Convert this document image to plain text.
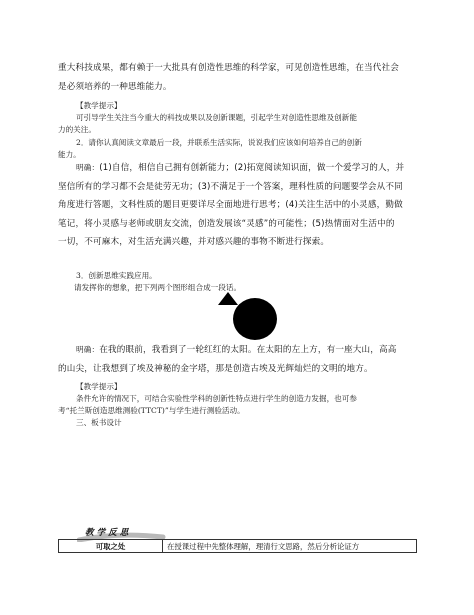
重大科技成果，都有赖于一大批具有创造性思维的科学家，可见创造性思维，在当代社会
是必须培养的一种思维能力。
【教学提示】
可引导学生关注当今重大的科技成果以及创新课题，引起学生对创造性思维及创新能
力的关注。
2．请你认真阅读文章最后一段，并联系生活实际，说说我们应该如何培养自己的创新
能力。
明确：(1)自信，相信自己拥有创新能力；(2)拓宽阅读知识面，做一个爱学习的人，并
坚信所有的学习都不会是徒劳无功；(3)不满足于一个答案，理科性质的问题要学会从不同
角度进行答题，文科性质的题目更要详尽全面地进行思考；(4)关注生活中的小灵感，勤做
笔记，将小灵感与老师或朋友交流，创造发展该“灵感”的可能性；(5)热情面对生活中的
一切，不可麻木，对生活充满兴趣，并对感兴趣的事物不断进行探索。
3．创新思维实践应用。
请发挥你的想象，把下列两个图形组合成一段话。
明确：在我的眼前，我看到了一轮红红的太阳。在太阳的左上方，有一座大山，高高
的山尖，让我想到了埃及神秘的金字塔，那是创造古埃及光辉灿烂的文明的地方。
【教学提示】
条件允许的情况下，可结合实验性学科的创新性特点进行学生的创造力发掘，也可参
考“托兰斯创造思维测验(TTCT)”与学生进行测验活动。
三、板书设计
教 学 反 思
可取之处	在授课过程中先整体理解，理清行文思路，然后分析论证方
